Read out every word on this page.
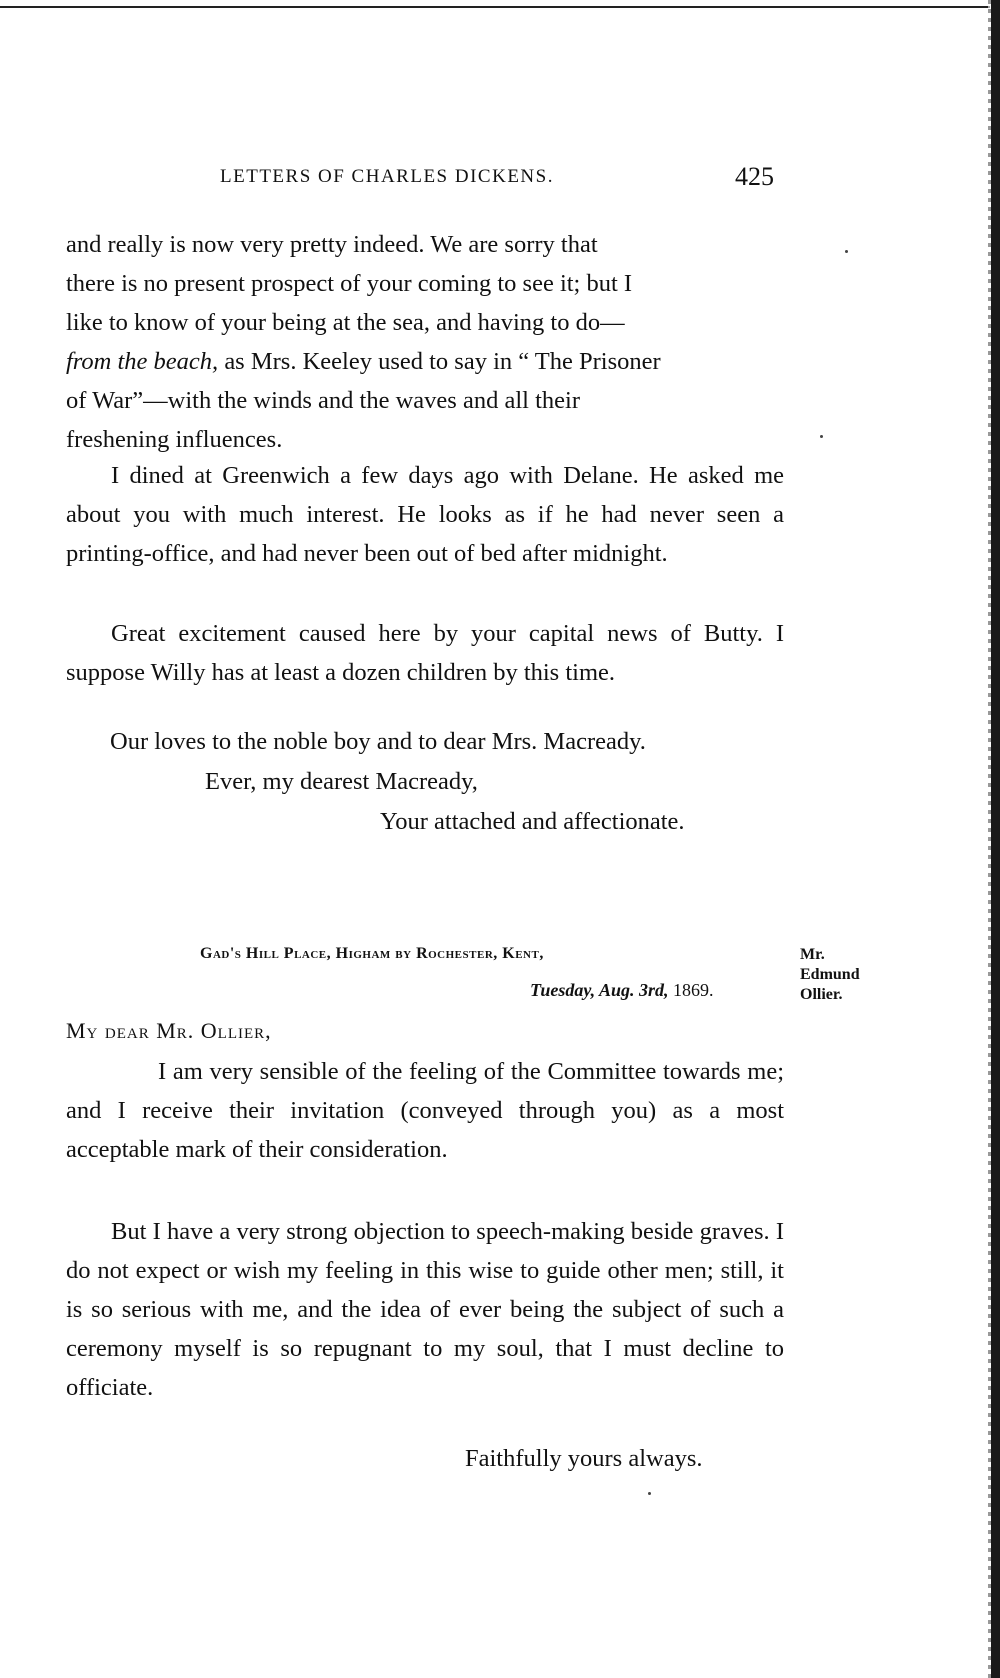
LETTERS OF CHARLES DICKENS.	425

and really is now very pretty indeed. We are sorry that
there is no present prospect of your coming to see it; but I
like to know of your being at the sea, and having to do—
from the beach, as Mrs. Keeley used to say in “ The Prisoner
of War”—with the winds and the waves and all their
freshening influences.

I dined at Greenwich a few days ago with Delane. He asked me about you with much interest. He looks as if he had never seen a printing-office, and had never been out of bed after midnight.

Great excitement caused here by your capital news of Butty. I suppose Willy has at least a dozen children by this time.

Our loves to the noble boy and to dear Mrs. Macready.
Ever, my dearest Macready,
Your attached and affectionate.
Gad's Hill Place, Higham by Rochester, Kent,
Tuesday, Aug. 3rd, 1869.
Mr.
Edmund
Ollier.
My dear Mr. Ollier,

I am very sensible of the feeling of the Committee towards me; and I receive their invitation (conveyed through you) as a most acceptable mark of their consideration.

But I have a very strong objection to speech-making beside graves. I do not expect or wish my feeling in this wise to guide other men; still, it is so serious with me, and the idea of ever being the subject of such a ceremony myself is so repugnant to my soul, that I must decline to officiate.

Faithfully yours always.
